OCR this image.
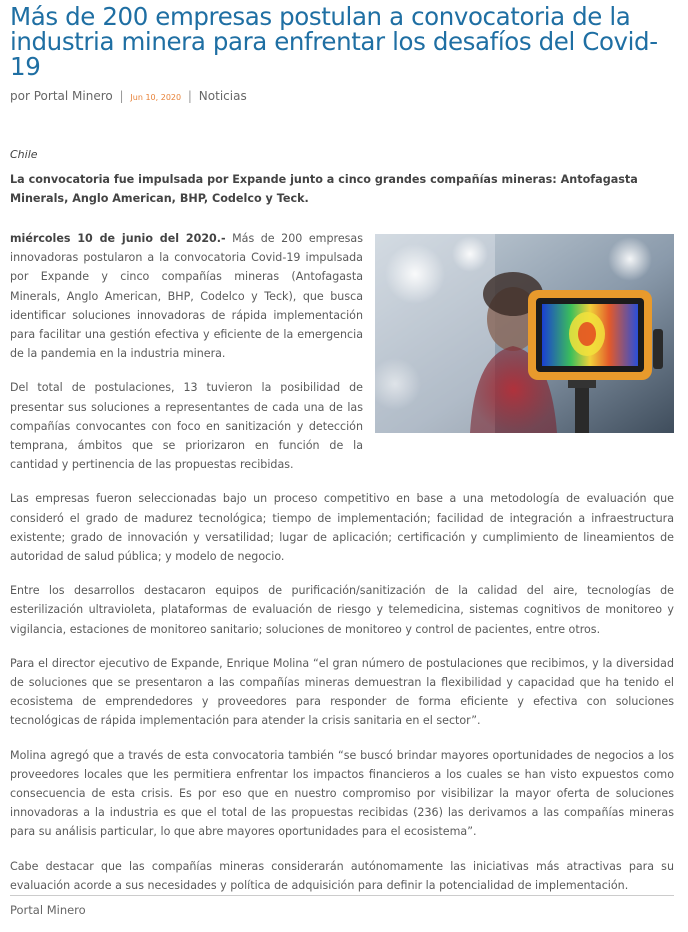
Más de 200 empresas postulan a convocatoria de la industria minera para enfrentar los desafíos del Covid-19
por Portal Minero | Jun 10, 2020 | Noticias
Chile
La convocatoria fue impulsada por Expande junto a cinco grandes compañías mineras: Antofagasta Minerals, Anglo American, BHP, Codelco y Teck.

miércoles 10 de junio del 2020.- Más de 200 empresas innovadoras postularon a la convocatoria Covid-19 impulsada por Expande y cinco compañías mineras (Antofagasta Minerals, Anglo American, BHP, Codelco y Teck), que busca identificar soluciones innovadoras de rápida implementación para facilitar una gestión efectiva y eficiente de la emergencia de la pandemia en la industria minera.

Del total de postulaciones, 13 tuvieron la posibilidad de presentar sus soluciones a representantes de cada una de las compañías convocantes con foco en sanitización y detección temprana, ámbitos que se priorizaron en función de la cantidad y pertinencia de las propuestas recibidas.

Las empresas fueron seleccionadas bajo un proceso competitivo en base a una metodología de evaluación que consideró el grado de madurez tecnológica; tiempo de implementación; facilidad de integración a infraestructura existente; grado de innovación y versatilidad; lugar de aplicación; certificación y cumplimiento de lineamientos de autoridad de salud pública; y modelo de negocio.

Entre los desarrollos destacaron equipos de purificación/sanitización de la calidad del aire, tecnologías de esterilización ultravioleta, plataformas de evaluación de riesgo y telemedicina, sistemas cognitivos de monitoreo y vigilancia, estaciones de monitoreo sanitario; soluciones de monitoreo y control de pacientes, entre otros.

Para el director ejecutivo de Expande, Enrique Molina “el gran número de postulaciones que recibimos, y la diversidad de soluciones que se presentaron a las compañías mineras demuestran la flexibilidad y capacidad que ha tenido el ecosistema de emprendedores y proveedores para responder de forma eficiente y efectiva con soluciones tecnológicas de rápida implementación para atender la crisis sanitaria en el sector”.

Molina agregó que a través de esta convocatoria también “se buscó brindar mayores oportunidades de negocios a los proveedores locales que les permitiera enfrentar los impactos financieros a los cuales se han visto expuestos como consecuencia de esta crisis. Es por eso que en nuestro compromiso por visibilizar la mayor oferta de soluciones innovadoras a la industria es que el total de las propuestas recibidas (236) las derivamos a las compañías mineras para su análisis particular, lo que abre mayores oportunidades para el ecosistema”.

Cabe destacar que las compañías mineras considerarán autónomamente las iniciativas más atractivas para su evaluación acorde a sus necesidades y política de adquisición para definir la potencialidad de implementación.

Portal Minero
